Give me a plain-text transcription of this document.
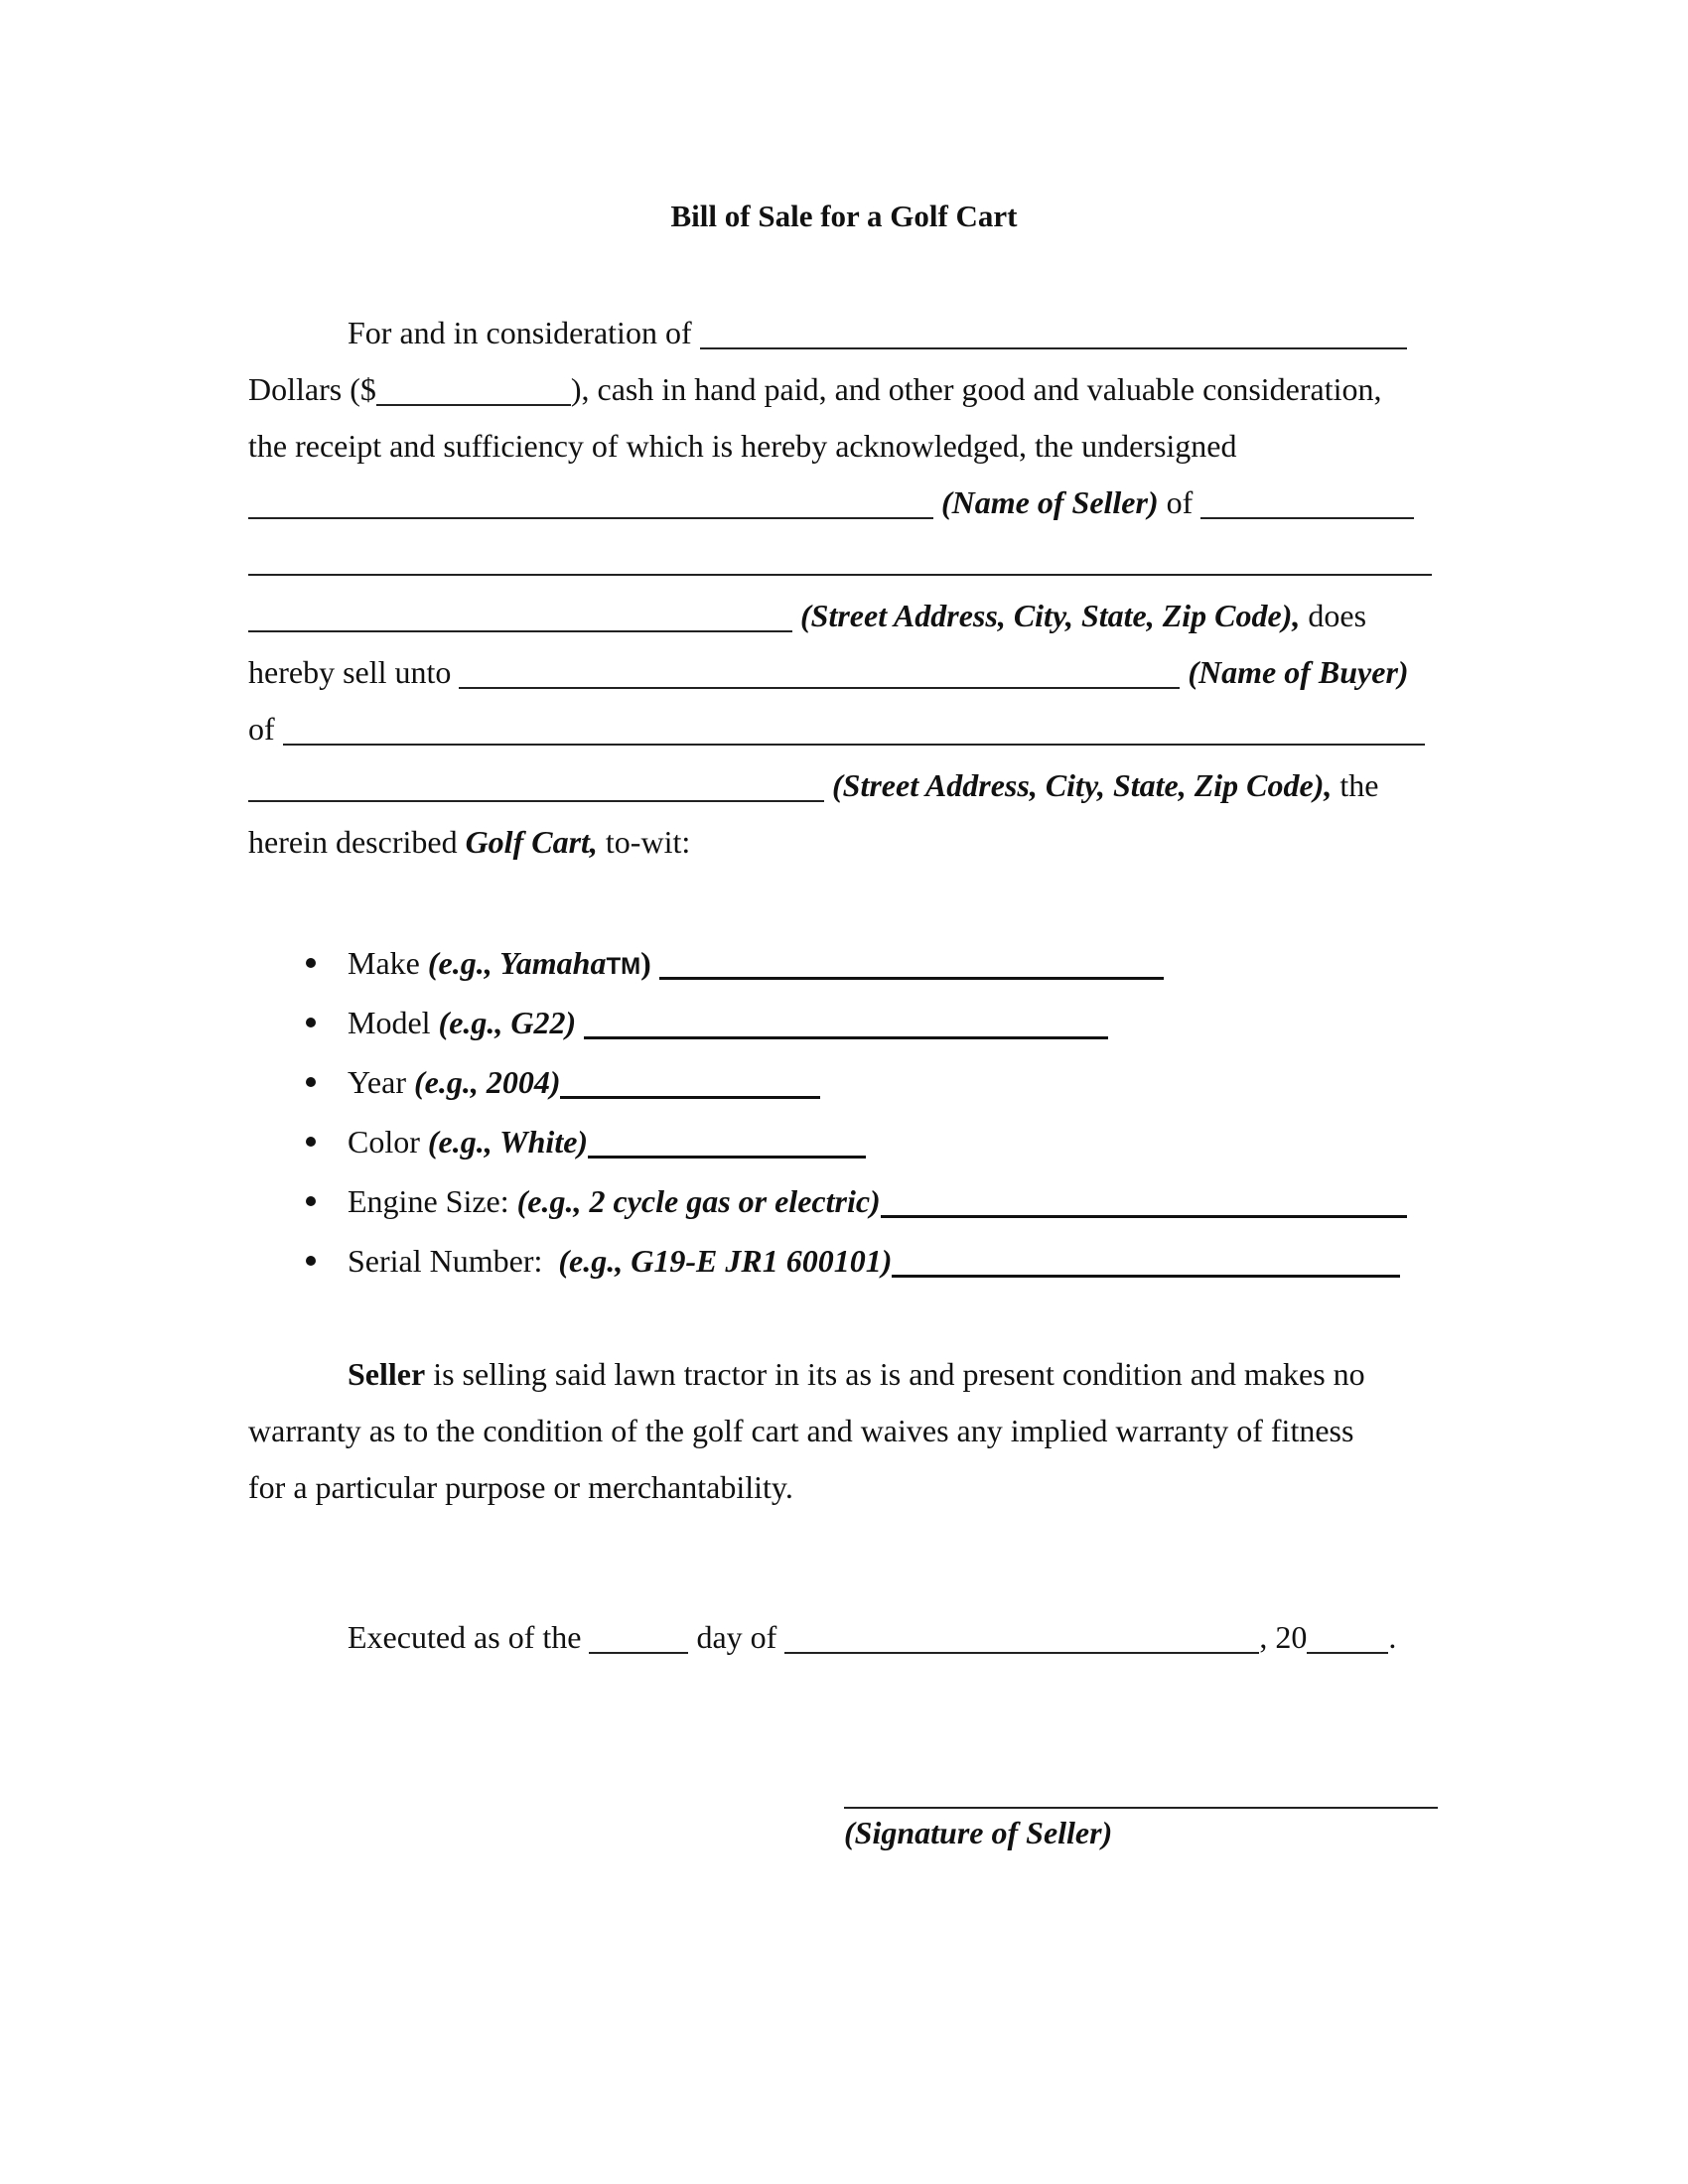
Bill of Sale for a Golf Cart
For and in consideration of
Dollars ($	), cash in hand paid, and other good and valuable consideration,
the receipt and sufficiency of which is hereby acknowledged, the undersigned
(Name of Seller) of
(Street Address, City, State, Zip Code), does
hereby sell unto	(Name of Buyer)
of
(Street Address, City, State, Zip Code), the
herein described Golf Cart, to-wit:
Make (e.g., YamahaTM)
Model (e.g., G22)
Year (e.g., 2004)
Color (e.g., White)
Engine Size: (e.g., 2 cycle gas or electric)
Serial Number: (e.g., G19-E JR1 600101)
Seller is selling said lawn tractor in its as is and present condition and makes no
warranty as to the condition of the golf cart and waives any implied warranty of fitness
for a particular purpose or merchantability.
Executed as of the	day of	, 20	.
(Signature of Seller)
